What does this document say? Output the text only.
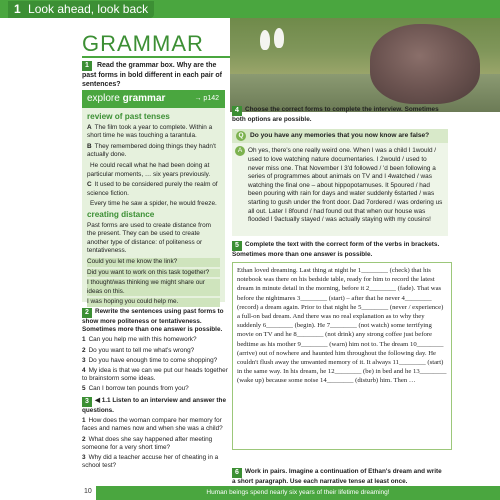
1 Look ahead, look back
GRAMMAR
1 Read the grammar box. Why are the past forms in bold different in each pair of sentences?
explore grammar	→ p142
review of past tenses
A The film took a year to complete. Within a short time he was touching a tarantula.
B They remembered doing things they hadn't actually done.
He could recall what he had been doing at particular moments, … six years previously.
C It used to be considered purely the realm of science fiction.
Every time he saw a spider, he would freeze.
creating distance
Past forms are used to create distance from the present. They can be used to create another type of distance: of politeness or tentativeness.
Could you let me know the link?
Did you want to work on this task together?
I thought/was thinking we might share our ideas on this.
I was hoping you could help me.
2 Rewrite the sentences using past forms to show more politeness or tentativeness. Sometimes more than one answer is possible.
1 Can you help me with this homework?
2 Do you want to tell me what's wrong?
3 Do you have enough time to come shopping?
4 My idea is that we can we put our heads together to brainstorm some ideas.
5 Can I borrow ten pounds from you?
3 ◀ 1.1 Listen to an interview and answer the questions.
1 How does the woman compare her memory for faces and names now and when she was a child?
2 What does she say happened after meeting someone for a very short time?
3 Why did a teacher accuse her of cheating in a school test?
4 Choose the correct forms to complete the interview. Sometimes both options are possible.
Q Do you have any memories that you now know are false?
A Oh yes, there's one really weird one. When I was a child I 1would / used to love watching nature documentaries. I 2would / used to never miss one. That November I 3'd followed / 'd been following a series of programmes about animals on TV and I 4watched / was watching the final one – about hippopotamuses. It 5poured / had been pouring with rain for days and water suddenly 6started / was starting to gush under the front door. Dad 7ordered / was ordering us all out. Later I 8found / had found out that when our house was flooded I 9actually stayed / was actually staying with my cousins!
5 Complete the text with the correct form of the verbs in brackets. Sometimes more than one answer is possible.
Ethan loved dreaming. Last thing at night he 1________ (check) that his notebook was there on his bedside table, ready for him to record the latest dream in minute detail in the morning, before it 2________ (fade). That was before the nightmares 3________ (start) – after that he never 4________ (record) a dream again. Prior to that night he 5________ (never / experience) a full-on bad dream. And there was no real explanation as to why they suddenly 6________ (begin). He 7________ (not watch) some terrifying movie on TV and he 8________ (not drink) any strong coffee just before bedtime as his mother 9________ (warn) him not to. The dream 10________ (arrive) out of nowhere and haunted him throughout the following day. He couldn't flush away the unwanted memory of it. It always 11________ (start) in the same way. In his dream, he 12________ (be) in bed and he 13________ (wake up) because some noise 14________ (disturb) him. Then …
6 Work in pairs. Imagine a continuation of Ethan's dream and write a short paragraph. Use each narrative tense at least once.
10	Human beings spend nearly six years of their lifetime dreaming!
